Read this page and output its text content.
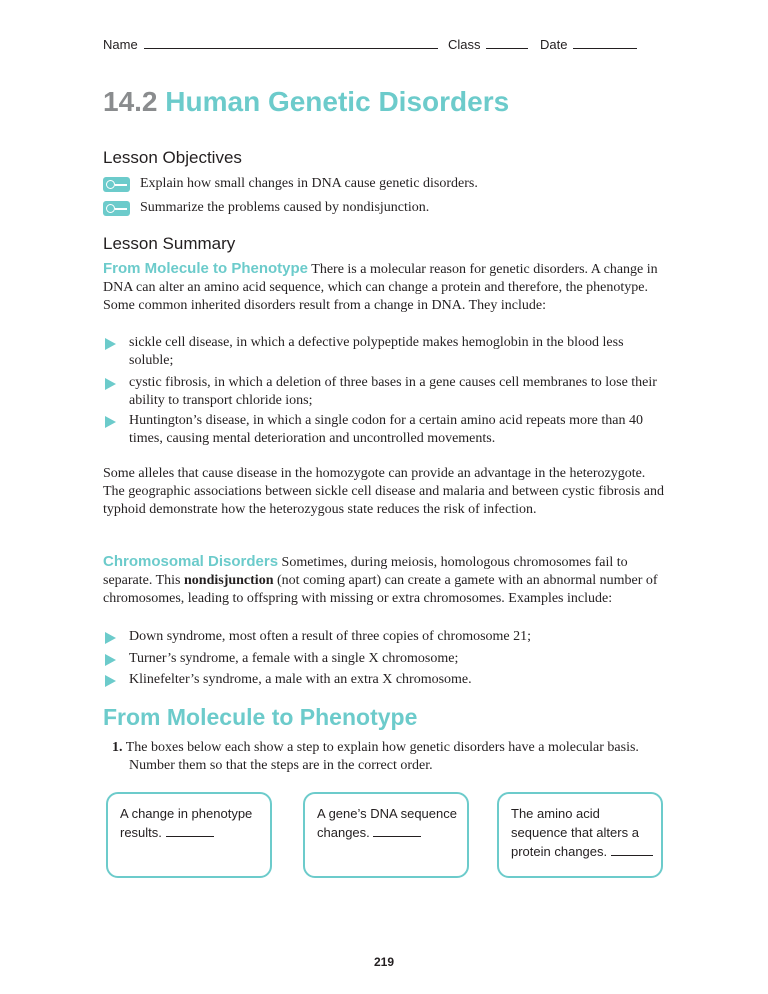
Name	Class	Date
14.2 Human Genetic Disorders
Lesson Objectives
Explain how small changes in DNA cause genetic disorders.
Summarize the problems caused by nondisjunction.
Lesson Summary
From Molecule to Phenotype There is a molecular reason for genetic disorders. A change in DNA can alter an amino acid sequence, which can change a protein and therefore, the phenotype. Some common inherited disorders result from a change in DNA. They include:
sickle cell disease, in which a defective polypeptide makes hemoglobin in the blood less soluble;
cystic fibrosis, in which a deletion of three bases in a gene causes cell membranes to lose their ability to transport chloride ions;
Huntington’s disease, in which a single codon for a certain amino acid repeats more than 40 times, causing mental deterioration and uncontrolled movements.
Some alleles that cause disease in the homozygote can provide an advantage in the heterozygote. The geographic associations between sickle cell disease and malaria and between cystic fibrosis and typhoid demonstrate how the heterozygous state reduces the risk of infection.
Chromosomal Disorders Sometimes, during meiosis, homologous chromosomes fail to separate. This nondisjunction (not coming apart) can create a gamete with an abnormal number of chromosomes, leading to offspring with missing or extra chromosomes. Examples include:
Down syndrome, most often a result of three copies of chromosome 21;
Turner’s syndrome, a female with a single X chromosome;
Klinefelter’s syndrome, a male with an extra X chromosome.
From Molecule to Phenotype
1. The boxes below each show a step to explain how genetic disorders have a molecular basis. Number them so that the steps are in the correct order.
A change in phenotype results.
A gene’s DNA sequence changes.
The amino acid sequence that alters a protein changes.
219
